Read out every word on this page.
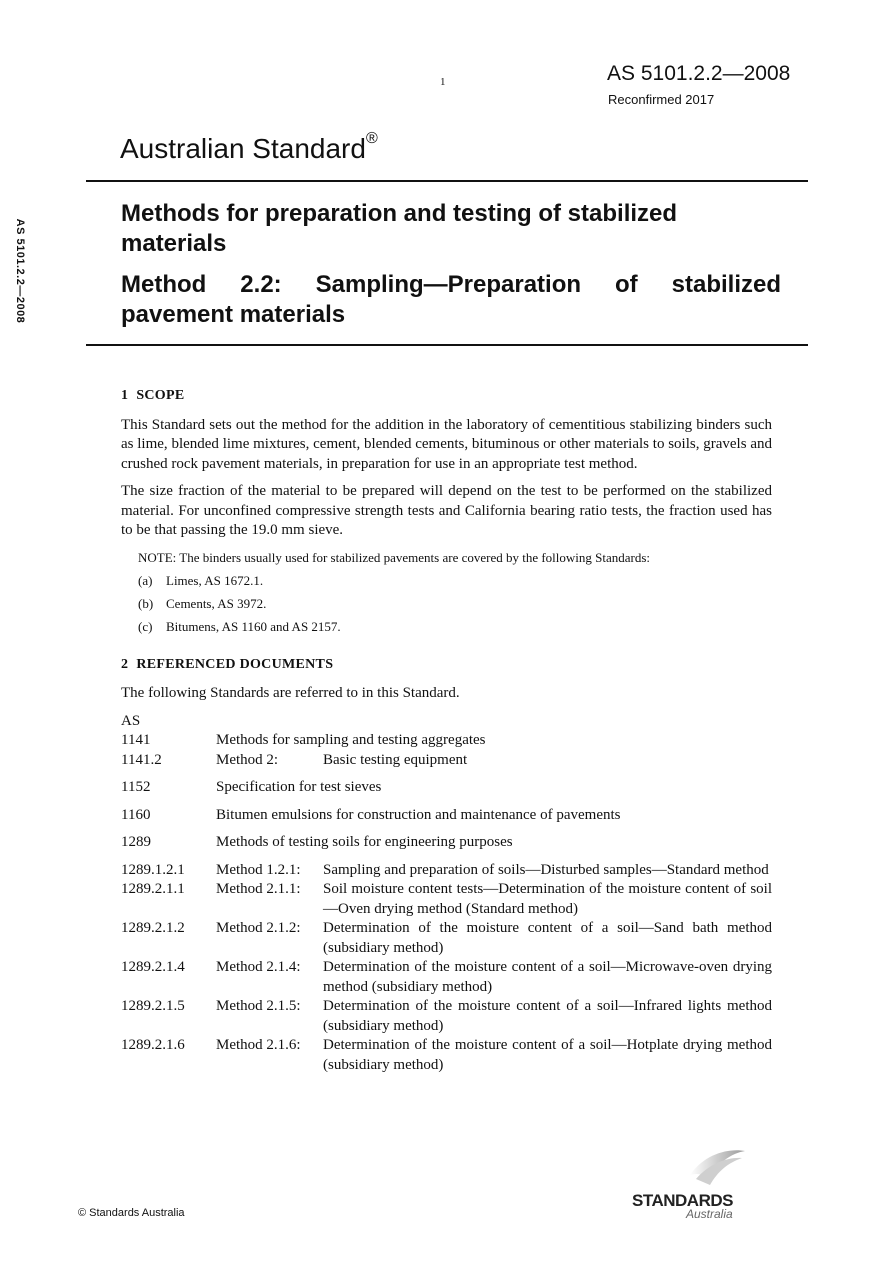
1	AS 5101.2.2—2008
Reconfirmed 2017
Australian Standard®
AS 5101.2.2—2008
Methods for preparation and testing of stabilized materials
Method 2.2: Sampling—Preparation of stabilized
pavement materials
1 SCOPE

This Standard sets out the method for the addition in the laboratory of cementitious stabilizing binders such as lime, blended lime mixtures, cement, blended cements, bituminous or other materials to soils, gravels and crushed rock pavement materials, in preparation for use in an appropriate test method.

The size fraction of the material to be prepared will depend on the test to be performed on the stabilized material. For unconfined compressive strength tests and California bearing ratio tests, the fraction used has to be that passing the 19.0 mm sieve.

NOTE: The binders usually used for stabilized pavements are covered by the following Standards:
(a) Limes, AS 1672.1.
(b) Cements, AS 3972.
(c) Bitumens, AS 1160 and AS 2157.
2 REFERENCED DOCUMENTS

The following Standards are referred to in this Standard.

AS
1141	Methods for sampling and testing aggregates
1141.2	Method 2:	Basic testing equipment
1152	Specification for test sieves
1160	Bitumen emulsions for construction and maintenance of pavements
1289	Methods of testing soils for engineering purposes
1289.1.2.1	Method 1.2.1:	Sampling and preparation of soils—Disturbed samples—Standard method
1289.2.1.1	Method 2.1.1:	Soil moisture content tests—Determination of the moisture content of soil—Oven drying method (Standard method)
1289.2.1.2	Method 2.1.2:	Determination of the moisture content of a soil—Sand bath method (subsidiary method)
1289.2.1.4	Method 2.1.4:	Determination of the moisture content of a soil—Microwave-oven drying method (subsidiary method)
1289.2.1.5	Method 2.1.5:	Determination of the moisture content of a soil—Infrared lights method (subsidiary method)
1289.2.1.6	Method 2.1.6:	Determination of the moisture content of a soil—Hotplate drying method (subsidiary method)
STANDARDS
Australia
© Standards Australia
